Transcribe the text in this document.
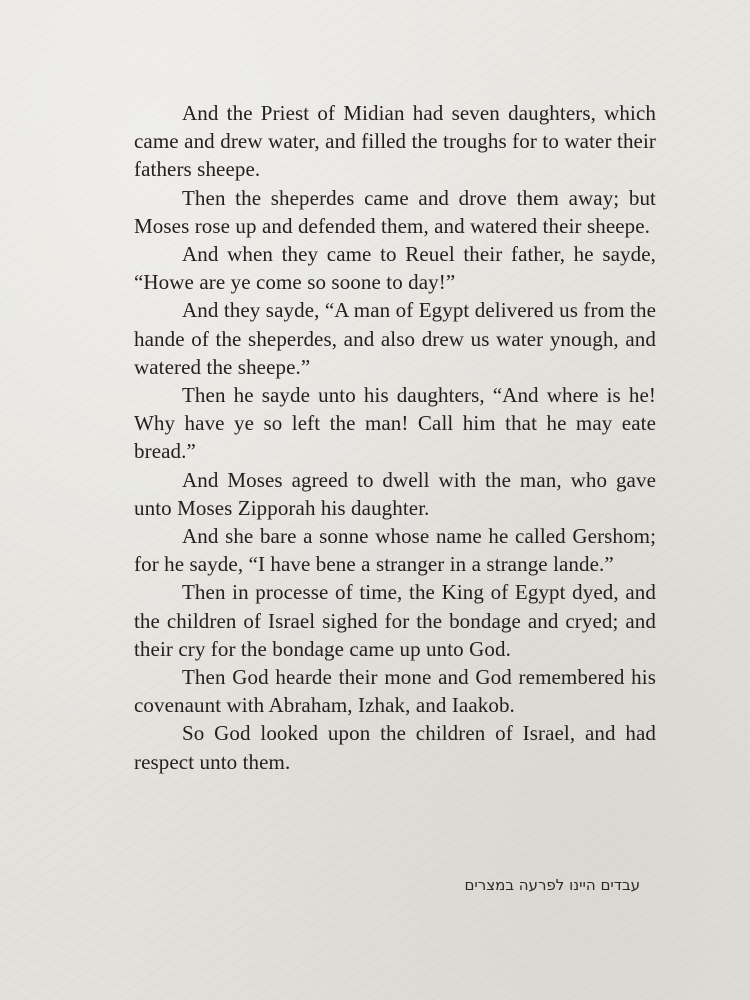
And the Priest of Midian had seven daughters, which came and drew water, and filled the troughs for to water their fathers sheepe.

Then the sheperdes came and drove them away; but Moses rose up and defended them, and watered their sheepe.

And when they came to Reuel their father, he sayde, “Howe are ye come so soone to day!”

And they sayde, “A man of Egypt delivered us from the hande of the sheperdes, and also drew us water ynough, and watered the sheepe.”

Then he sayde unto his daughters, “And where is he! Why have ye so left the man! Call him that he may eate bread.”

And Moses agreed to dwell with the man, who gave unto Moses Zipporah his daughter.

And she bare a sonne whose name he called Gershom; for he sayde, “I have bene a stranger in a strange lande.”

Then in processe of time, the King of Egypt dyed, and the children of Israel sighed for the bondage and cryed; and their cry for the bondage came up unto God.

Then God hearde their mone and God remembered his covenaunt with Abraham, Izhak, and Iaakob.

So God looked upon the children of Israel, and had respect unto them.

עבדים היינו לפרעה במצרים
